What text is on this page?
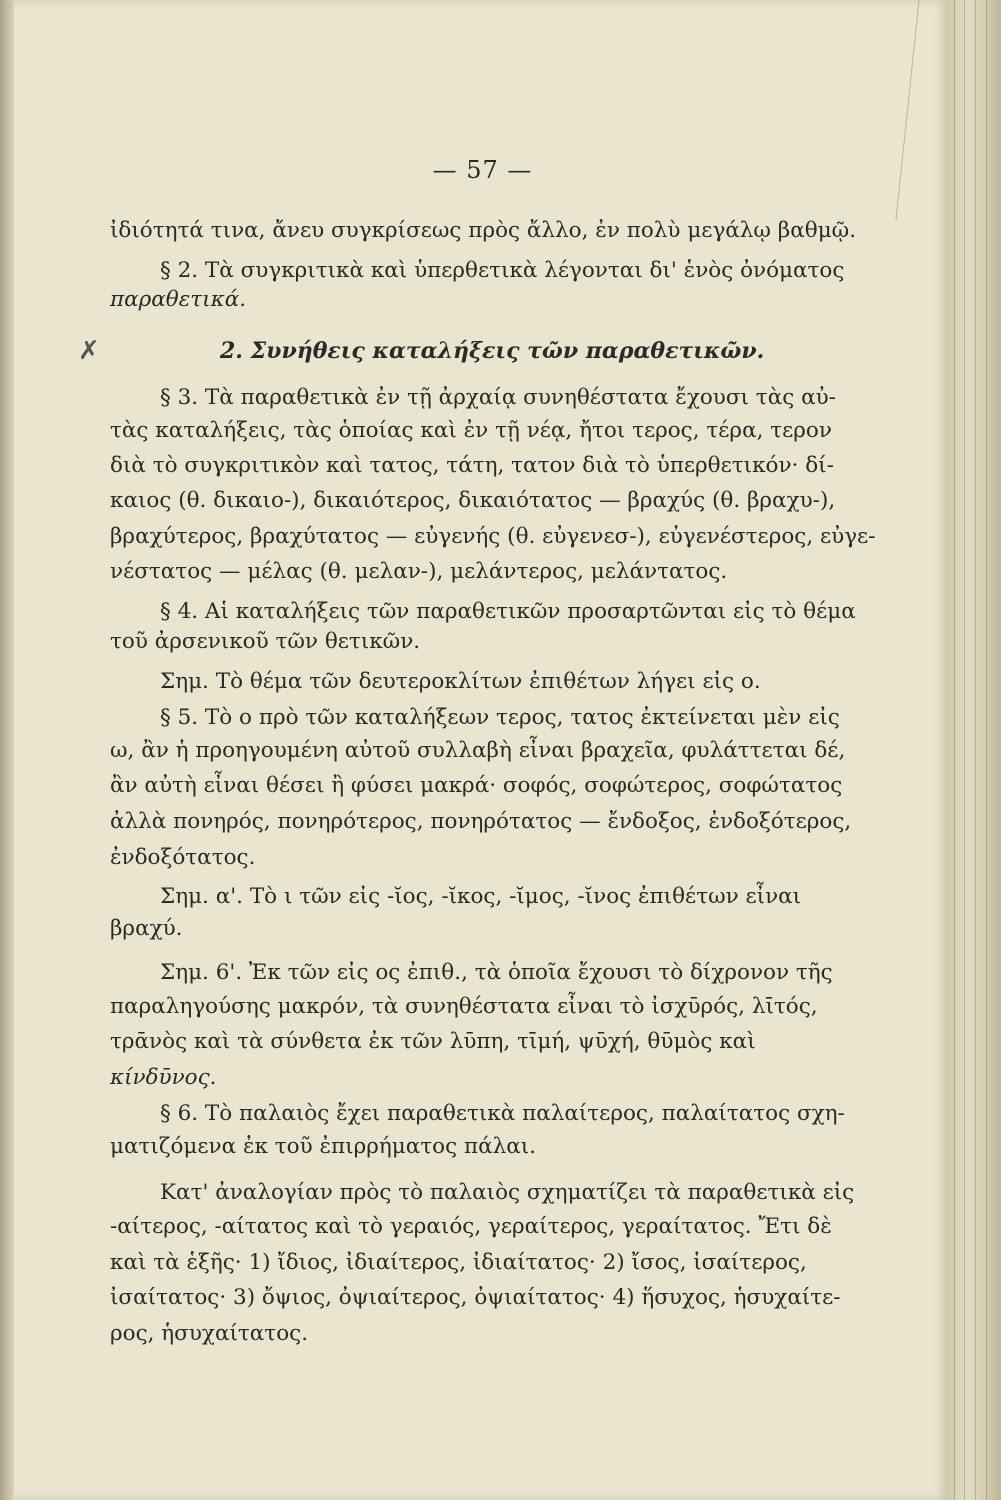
— 57 —
ἰδιότητά τινα, ἄνευ συγκρίσεως πρὸς ἄλλο, ἐν πολὺ μεγάλῳ βαθμῷ.
§ 2. Τὰ συγκριτικὰ καὶ ὑπερθετικὰ λέγονται δι' ἑνὸς ὀνόματος
παραθετικά.
2. Συνήθεις καταλήξεις τῶν παραθετικῶν.
§ 3. Τὰ παραθετικὰ ἐν τῇ ἀρχαίᾳ συνηθέστατα ἔχουσι τὰς αὐ-
τὰς καταλήξεις, τὰς ὁποίας καὶ ἐν τῇ νέᾳ, ἤτοι τερος, τέρα, τερον
διὰ τὸ συγκριτικὸν καὶ τατος, τάτη, τατον διὰ τὸ ὑπερθετικόν· δί-
καιος (θ. δικαιο-), δικαιότερος, δικαιότατος — βραχύς (θ. βραχυ-),
βραχύτερος, βραχύτατος — εὐγενής (θ. εὐγενεσ-), εὐγενέστερος, εὐγε-
νέστατος — μέλας (θ. μελαν-), μελάντερος, μελάντατος.
§ 4. Αἱ καταλήξεις τῶν παραθετικῶν προσαρτῶνται εἰς τὸ θέμα
τοῦ ἀρσενικοῦ τῶν θετικῶν.
Σημ. Τὸ θέμα τῶν δευτεροκλίτων ἐπιθέτων λήγει εἰς ο.
§ 5. Τὸ ο πρὸ τῶν καταλήξεων τερος, τατος ἐκτείνεται μὲν εἰς
ω, ἂν ἡ προηγουμένη αὐτοῦ συλλαβὴ εἶναι βραχεῖα, φυλάττεται δέ,
ἂν αὐτὴ εἶναι θέσει ἢ φύσει μακρά· σοφός, σοφώτερος, σοφώτατος
ἀλλὰ πονηρός, πονηρότερος, πονηρότατος — ἔνδοξος, ἐνδοξότερος,
ἐνδοξότατος.
Σημ. α'. Τὸ ι τῶν εἰς -ῐος, -ῐκος, -ῐμος, -ῐνος ἐπιθέτων εἶναι
βραχύ.
Σημ. 6'. Ἐκ τῶν εἰς ος ἐπιθ., τὰ ὁποῖα ἔχουσι τὸ δίχρονον τῆς
παραληγούσης μακρόν, τὰ συνηθέστατα εἶναι τὸ ἰσχῡρός, λῑτός,
τρᾱνὸς καὶ τὰ σύνθετα ἐκ τῶν λῡπη, τῑμή, ψῡχή, θῡμὸς καὶ
κίνδῡνος.
§ 6. Τὸ παλαιὸς ἔχει παραθετικὰ παλαίτερος, παλαίτατος σχη-
ματιζόμενα ἐκ τοῦ ἐπιρρήματος πάλαι.
Κατ' ἀναλογίαν πρὸς τὸ παλαιὸς σχηματίζει τὰ παραθετικὰ εἰς
-αίτερος, -αίτατος καὶ τὸ γεραιός, γεραίτερος, γεραίτατος. Ἔτι δὲ
καὶ τὰ ἑξῆς· 1) ἴδιος, ἰδιαίτερος, ἰδιαίτατος· 2) ἴσος, ἰσαίτερος,
ἰσαίτατος· 3) ὄψιος, ὀψιαίτερος, ὀψιαίτατος· 4) ἥσυχος, ἡσυχαίτε-
ρος, ἡσυχαίτατος.
✗
